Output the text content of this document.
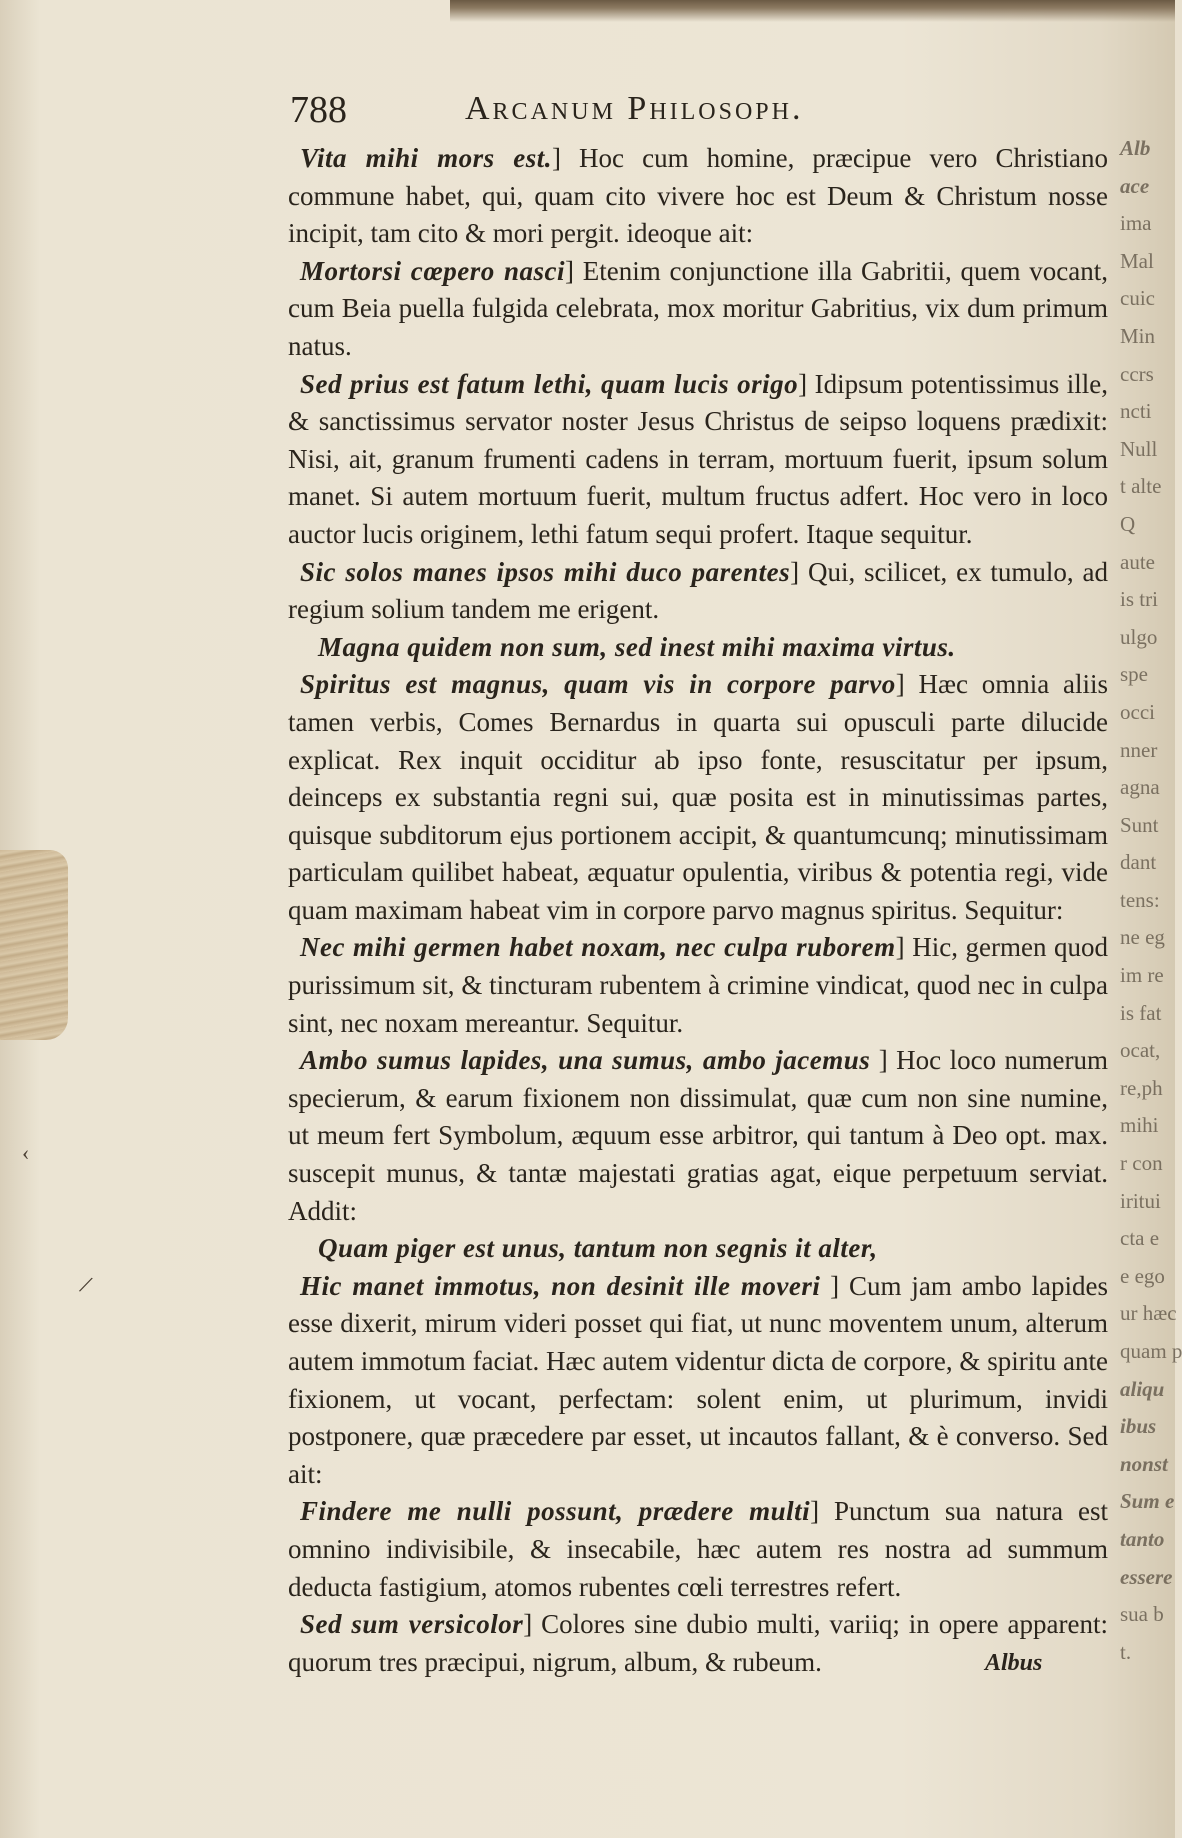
788	Arcanum Philosoph.

Vita mihi mors est.] Hoc cum homine, præcipue vero Christiano commune habet, qui, quam cito vivere hoc est Deum & Christum nosse incipit, tam cito & mori pergit. ideoque ait:

Mortorsi cœpero nasci] Etenim conjunctione illa Gabritii, quem vocant, cum Beia puella fulgida celebrata, mox moritur Gabritius, vix dum primum natus.

Sed prius est fatum lethi, quam lucis origo] Idipsum potentissimus ille, & sanctissimus servator noster Jesus Christus de seipso loquens prædixit: Nisi, ait, granum frumenti cadens in terram, mortuum fuerit, ipsum solum manet. Si autem mortuum fuerit, multum fructus adfert. Hoc vero in loco auctor lucis originem, lethi fatum sequi profert. Itaque sequitur.

Sic solos manes ipsos mihi duco parentes] Qui, scilicet, ex tumulo, ad regium solium tandem me erigent.

Magna quidem non sum, sed inest mihi maxima virtus.

Spiritus est magnus, quam vis in corpore parvo] Hæc omnia aliis tamen verbis, Comes Bernardus in quarta sui opusculi parte dilucide explicat. Rex inquit occiditur ab ipso fonte, resuscitatur per ipsum, deinceps ex substantia regni sui, quæ posita est in minutissimas partes, quisque subditorum ejus portionem accipit, & quantumcunq; minutissimam particulam quilibet habeat, æquatur opulentia, viribus & potentia regi, vide quam maximam habeat vim in corpore parvo magnus spiritus. Sequitur:

Nec mihi germen habet noxam, nec culpa ruborem] Hic, germen quod purissimum sit, & tincturam rubentem à crimine vindicat, quod nec in culpa sint, nec noxam mereantur. Sequitur.

Ambo sumus lapides, una sumus, ambo jacemus ] Hoc loco numerum specierum, & earum fixionem non dissimulat, quæ cum non sine numine, ut meum fert Symbolum, æquum esse arbitror, qui tantum à Deo opt. max. suscepit munus, & tantæ majestati gratias agat, eique perpetuum serviat. Addit:

Quam piger est unus, tantum non segnis it alter,

Hic manet immotus, non desinit ille moveri ] Cum jam ambo lapides esse dixerit, mirum videri posset qui fiat, ut nunc moventem unum, alterum autem immotum faciat. Hæc autem videntur dicta de corpore, & spiritu ante fixionem, ut vocant, perfectam: solent enim, ut plurimum, invidi postponere, quæ præcedere par esset, ut incautos fallant, & è converso. Sed ait:

Findere me nulli possunt, prædere multi] Punctum sua natura est omnino indivisibile, & insecabile, hæc autem res nostra ad summum deducta fastigium, atomos rubentes cœli terrestres refert.

Sed sum versicolor] Colores sine dubio multi, variiq; in opere apparent: quorum tres præcipui, nigrum, album, & rubeum.	Albus
Alb
ace
ima
Mal
cuic
Min
ccrs
ncti
Null
t alte
Q
aute
is tri
ulgo
spe
occi
nner
agna
Sunt
dant
tens:
ne eg
im re
is fat
ocat,
re,ph
mihi
r con
iritui
cta e
e ego
ur hæc
quam p
aliqu
ibus
nonst
Sum e
tanto
essere
sua b
t.
‹
/
